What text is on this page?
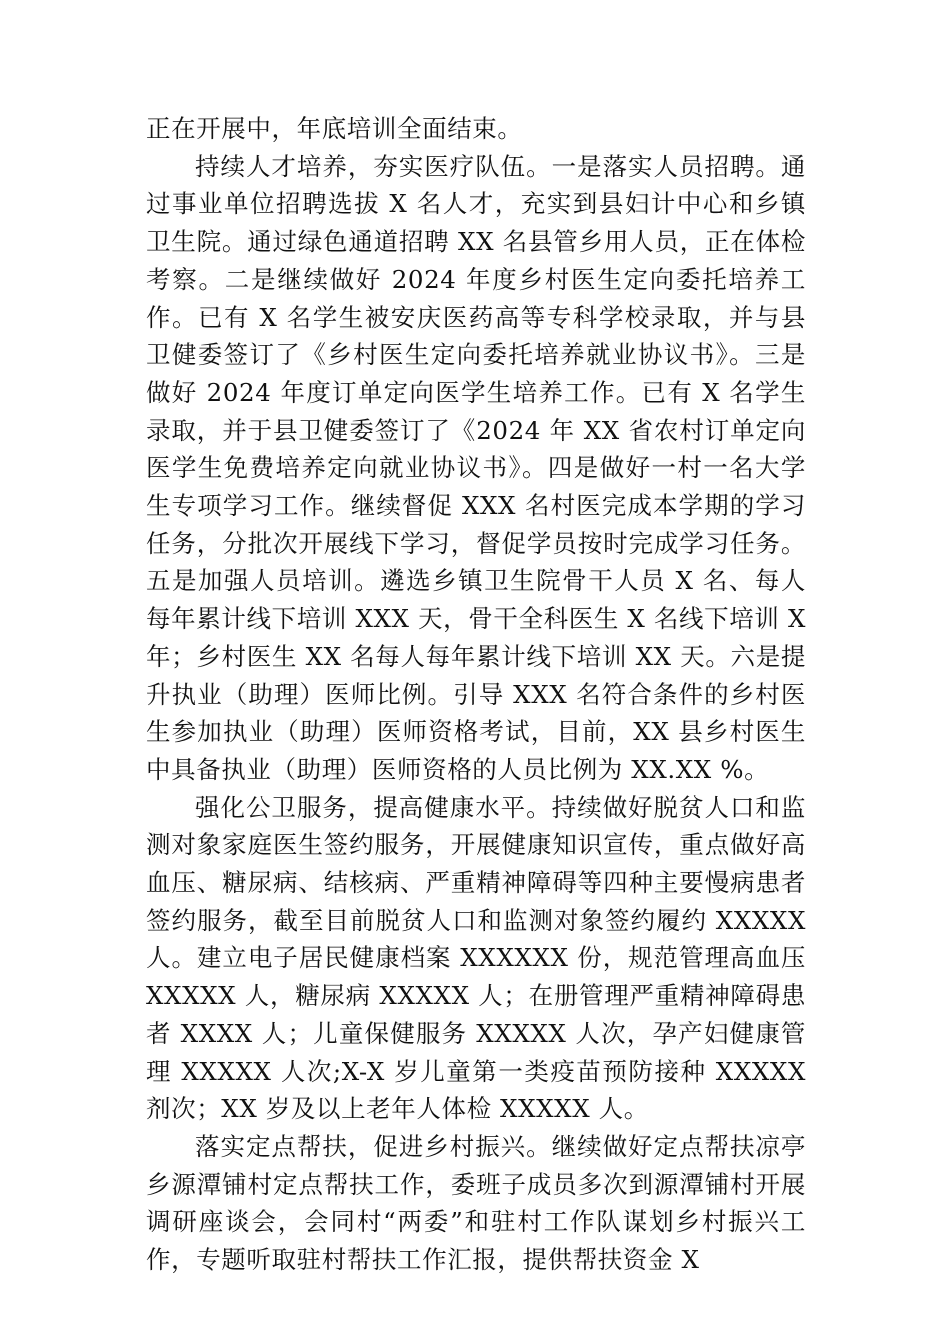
正在开展中，年底培训全面结束。

持续人才培养，夯实医疗队伍。一是落实人员招聘。通过事业单位招聘选拔 X 名人才，充实到县妇计中心和乡镇卫生院。通过绿色通道招聘 XX 名县管乡用人员，正在体检考察。二是继续做好 2024 年度乡村医生定向委托培养工作。已有 X 名学生被安庆医药高等专科学校录取，并与县卫健委签订了《乡村医生定向委托培养就业协议书》。三是做好 2024 年度订单定向医学生培养工作。已有 X 名学生录取，并于县卫健委签订了《2024 年 XX 省农村订单定向医学生免费培养定向就业协议书》。四是做好一村一名大学生专项学习工作。继续督促 XXX 名村医完成本学期的学习任务，分批次开展线下学习，督促学员按时完成学习任务。五是加强人员培训。遴选乡镇卫生院骨干人员 X 名、每人每年累计线下培训 XXX 天，骨干全科医生 X 名线下培训 X 年；乡村医生 XX 名每人每年累计线下培训 XX 天。六是提升执业（助理）医师比例。引导 XXX 名符合条件的乡村医生参加执业（助理）医师资格考试，目前，XX 县乡村医生中具备执业（助理）医师资格的人员比例为 XX.XX %。

强化公卫服务，提高健康水平。持续做好脱贫人口和监测对象家庭医生签约服务，开展健康知识宣传，重点做好高血压、糖尿病、结核病、严重精神障碍等四种主要慢病患者签约服务，截至目前脱贫人口和监测对象签约履约 XXXXX 人。建立电子居民健康档案 XXXXXX 份，规范管理高血压 XXXXX 人，糖尿病 XXXXX 人；在册管理严重精神障碍患者 XXXX 人；儿童保健服务 XXXXX 人次，孕产妇健康管理 XXXXX 人次;X-X 岁儿童第一类疫苗预防接种 XXXXX 剂次；XX 岁及以上老年人体检 XXXXX 人。

落实定点帮扶，促进乡村振兴。继续做好定点帮扶凉亭乡源潭铺村定点帮扶工作，委班子成员多次到源潭铺村开展调研座谈会，会同村“两委”和驻村工作队谋划乡村振兴工作，专题听取驻村帮扶工作汇报，提供帮扶资金 X
